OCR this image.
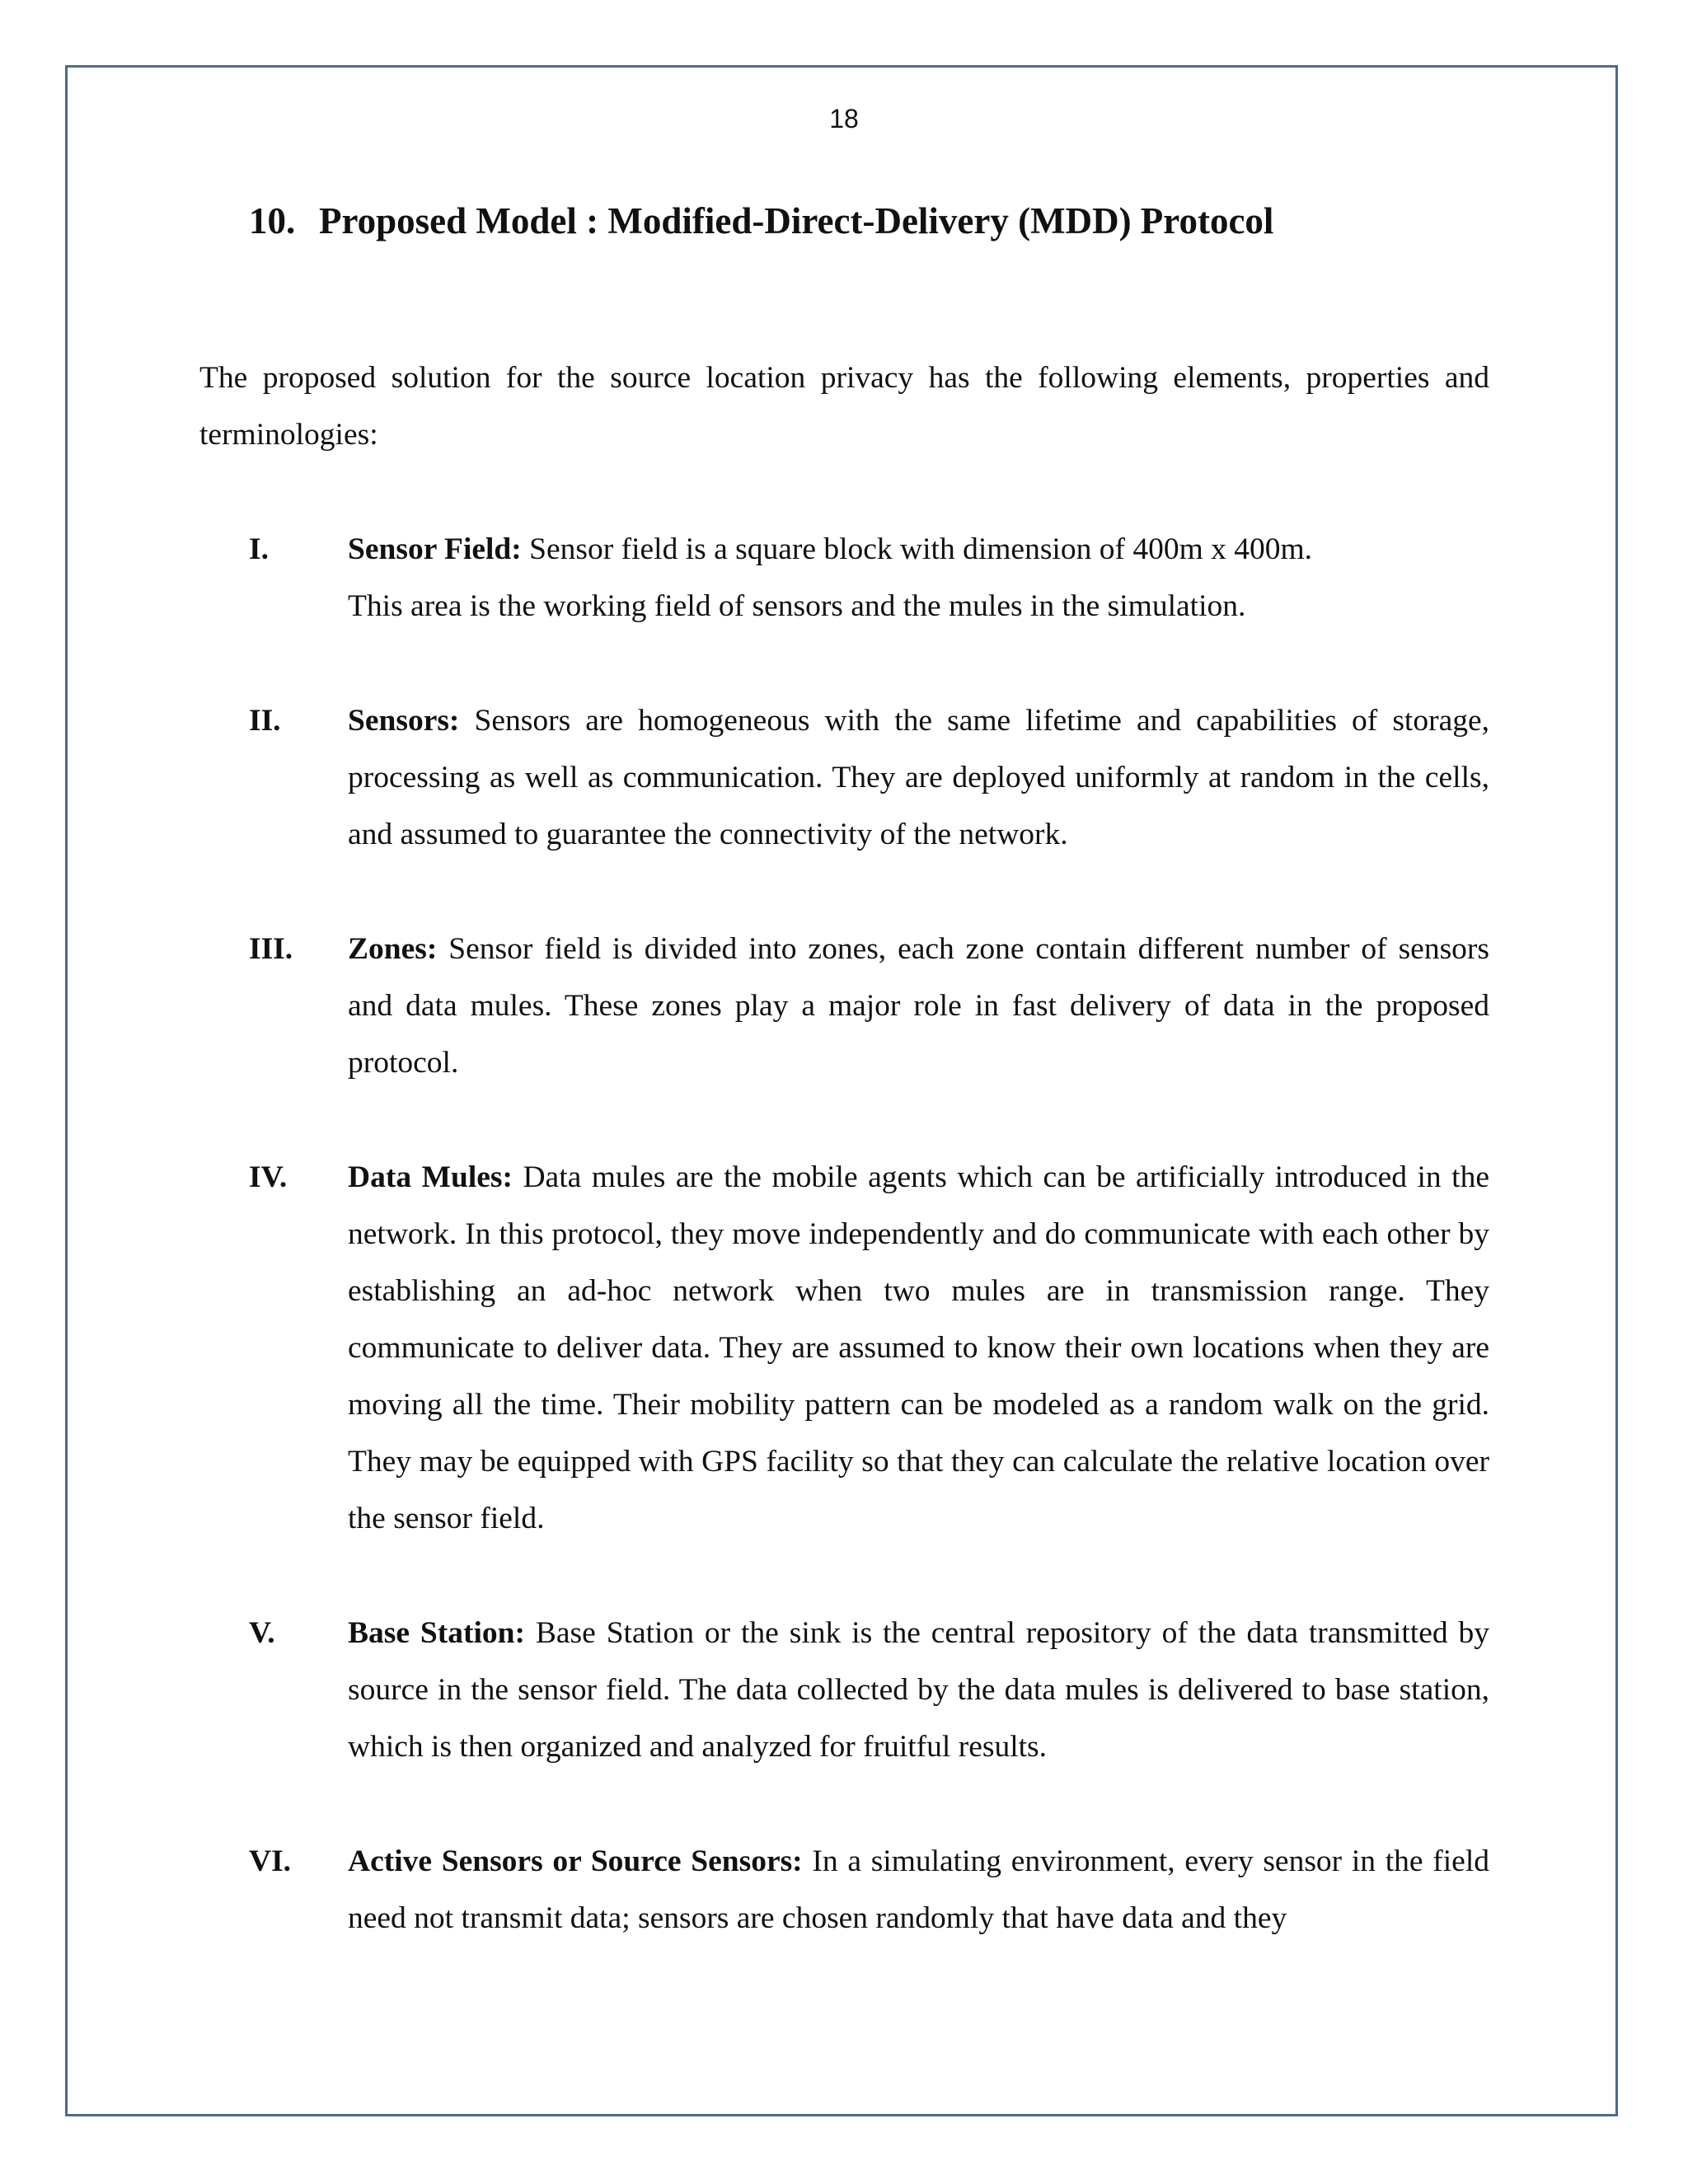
18
10. Proposed Model : Modified-Direct-Delivery (MDD) Protocol

The proposed solution for the source location privacy has the following elements, properties and terminologies:

I.	Sensor Field: Sensor field is a square block with dimension of 400m x 400m.
This area is the working field of sensors and the mules in the simulation.
II. Sensors: Sensors are homogeneous with the same lifetime and capabilities of storage, processing as well as communication. They are deployed uniformly at random in the cells, and assumed to guarantee the connectivity of the network.
III. Zones: Sensor field is divided into zones, each zone contain different number of sensors and data mules. These zones play a major role in fast delivery of data in the proposed protocol.
IV. Data Mules: Data mules are the mobile agents which can be artificially introduced in the network. In this protocol, they move independently and do communicate with each other by establishing an ad-hoc network when two mules are in transmission range. They communicate to deliver data. They are assumed to know their own locations when they are moving all the time. Their mobility pattern can be modeled as a random walk on the grid. They may be equipped with GPS facility so that they can calculate the relative location over the sensor field.
V. Base Station: Base Station or the sink is the central repository of the data transmitted by source in the sensor field. The data collected by the data mules is delivered to base station, which is then organized and analyzed for fruitful results.
VI. Active Sensors or Source Sensors: In a simulating environment, every sensor in the field need not transmit data; sensors are chosen randomly that have data and they
